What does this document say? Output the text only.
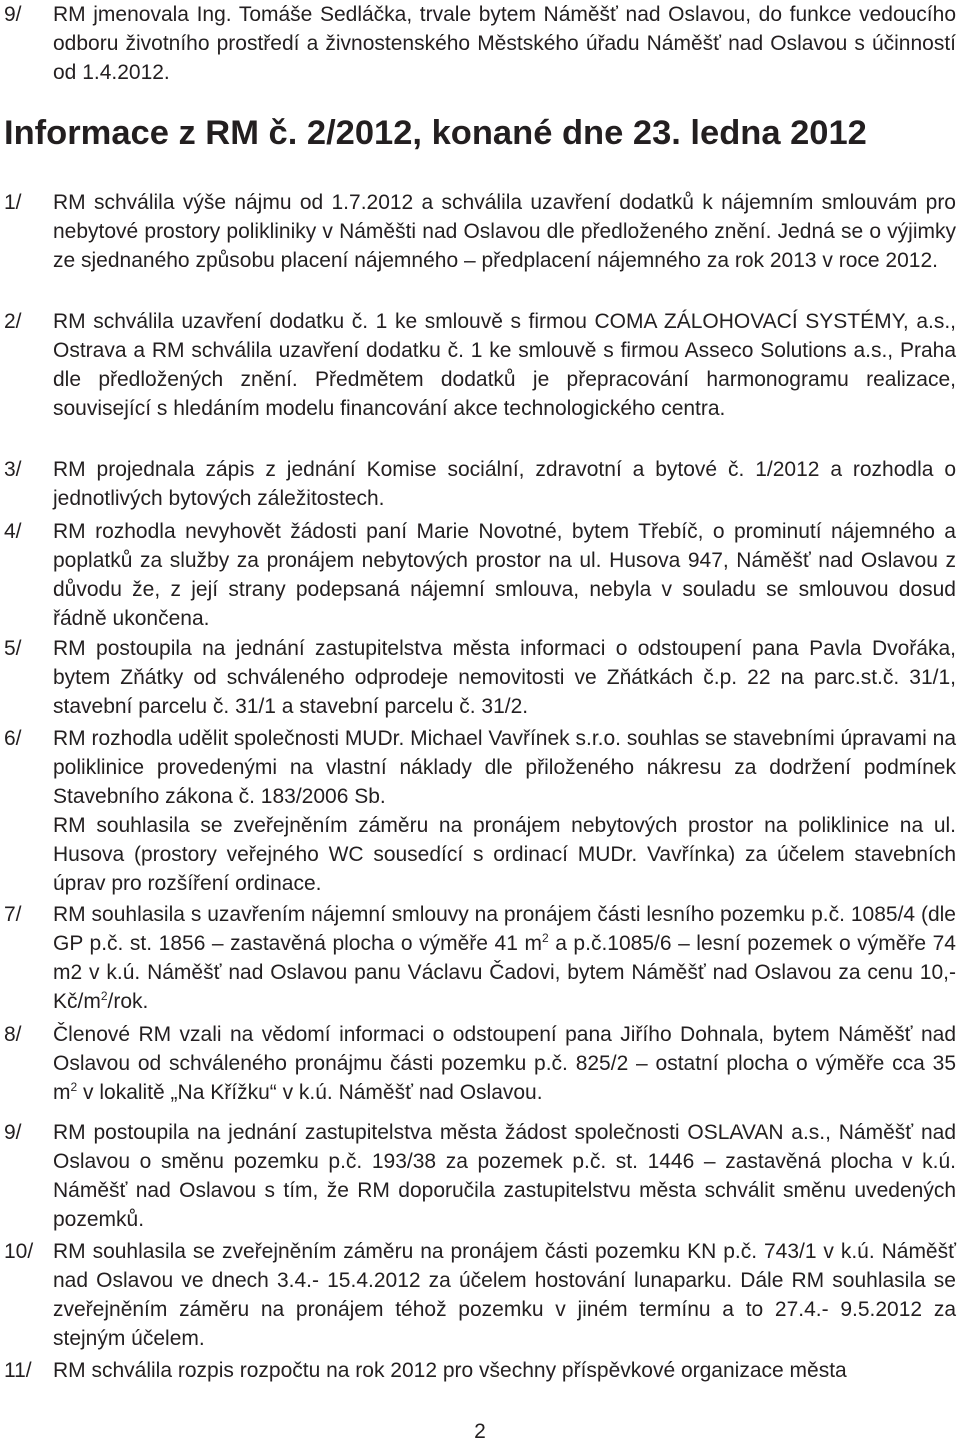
9/ RM jmenovala Ing. Tomáše Sedláčka, trvale bytem Náměšť nad Oslavou, do funkce vedoucího odboru životního prostředí a živnostenského Městského úřadu Náměšť nad Oslavou s účinností od 1.4.2012.
Informace z RM č. 2/2012, konané dne 23. ledna 2012
1/ RM schválila výše nájmu od 1.7.2012 a schválila uzavření dodatků k nájemním smlouvám pro nebytové prostory polikliniky v Náměšti nad Oslavou dle předloženého znění. Jedná se o výjimky ze sjednaného způsobu placení nájemného – předplacení nájemného za rok 2013 v roce 2012.
2/ RM schválila uzavření dodatku č. 1 ke smlouvě s firmou COMA ZÁLOHOVACÍ SYSTÉMY, a.s., Ostrava a RM schválila uzavření dodatku č. 1 ke smlouvě s firmou Asseco Solutions a.s., Praha dle předložených znění. Předmětem dodatků je přepracování harmonogramu realizace, související s hledáním modelu financování akce technologického centra.
3/ RM projednala zápis z jednání Komise sociální, zdravotní a bytové č. 1/2012 a rozhodla o jednotlivých bytových záležitostech.
4/ RM rozhodla nevyhovět žádosti paní Marie Novotné, bytem Třebíč, o prominutí nájemného a poplatků za služby za pronájem nebytových prostor na ul. Husova 947, Náměšť nad Oslavou z důvodu že, z její strany podepsaná nájemní smlouva, nebyla v souladu se smlouvou dosud řádně ukončena.
5/ RM postoupila na jednání zastupitelstva města informaci o odstoupení pana Pavla Dvořáka, bytem Zňátky od schváleného odprodeje nemovitosti ve Zňátkách č.p. 22 na parc.st.č. 31/1, stavební parcelu č. 31/1 a stavební parcelu č. 31/2.
6/ RM rozhodla udělit společnosti MUDr. Michael Vavřínek s.r.o. souhlas se stavebními úpravami na poliklinice provedenými na vlastní náklady dle přiloženého nákresu za dodržení podmínek Stavebního zákona č. 183/2006 Sb.
RM souhlasila se zveřejněním záměru na pronájem nebytových prostor na poliklinice na ul. Husova (prostory veřejného WC sousedící s ordinací MUDr. Vavřínka) za účelem stavebních úprav pro rozšíření ordinace.
7/ RM souhlasila s uzavřením nájemní smlouvy na pronájem části lesního pozemku p.č. 1085/4 (dle GP p.č. st. 1856 – zastavěná plocha o výměře 41 $m^2$ a p.č.1085/6 – lesní pozemek o výměře 74 m2 v k.ú. Náměšť nad Oslavou panu Václavu Čadovi, bytem Náměšť nad Oslavou za cenu 10,- $Kč/m^2$/rok.
8/ Členové RM vzali na vědomí informaci o odstoupení pana Jiřího Dohnala, bytem Náměšť nad Oslavou od schváleného pronájmu části pozemku p.č. 825/2 – ostatní plocha o výměře cca 35 $m^2$ v lokalitě „Na Křížku“ v k.ú. Náměšť nad Oslavou.
9/ RM postoupila na jednání zastupitelstva města žádost společnosti OSLAVAN a.s., Náměšť nad Oslavou o směnu pozemku p.č. 193/38 za pozemek p.č. st. 1446 – zastavěná plocha v k.ú. Náměšť nad Oslavou s tím, že RM doporučila zastupitelstvu města schválit směnu uvedených pozemků.
10/ RM souhlasila se zveřejněním záměru na pronájem části pozemku KN p.č. 743/1 v k.ú. Náměšť nad Oslavou ve dnech 3.4.- 15.4.2012 za účelem hostování lunaparku. Dále RM souhlasila se zveřejněním záměru na pronájem téhož pozemku v jiném termínu a to 27.4.- 9.5.2012 za stejným účelem.
11/ RM schválila rozpis rozpočtu na rok 2012 pro všechny příspěvkové organizace města
2
